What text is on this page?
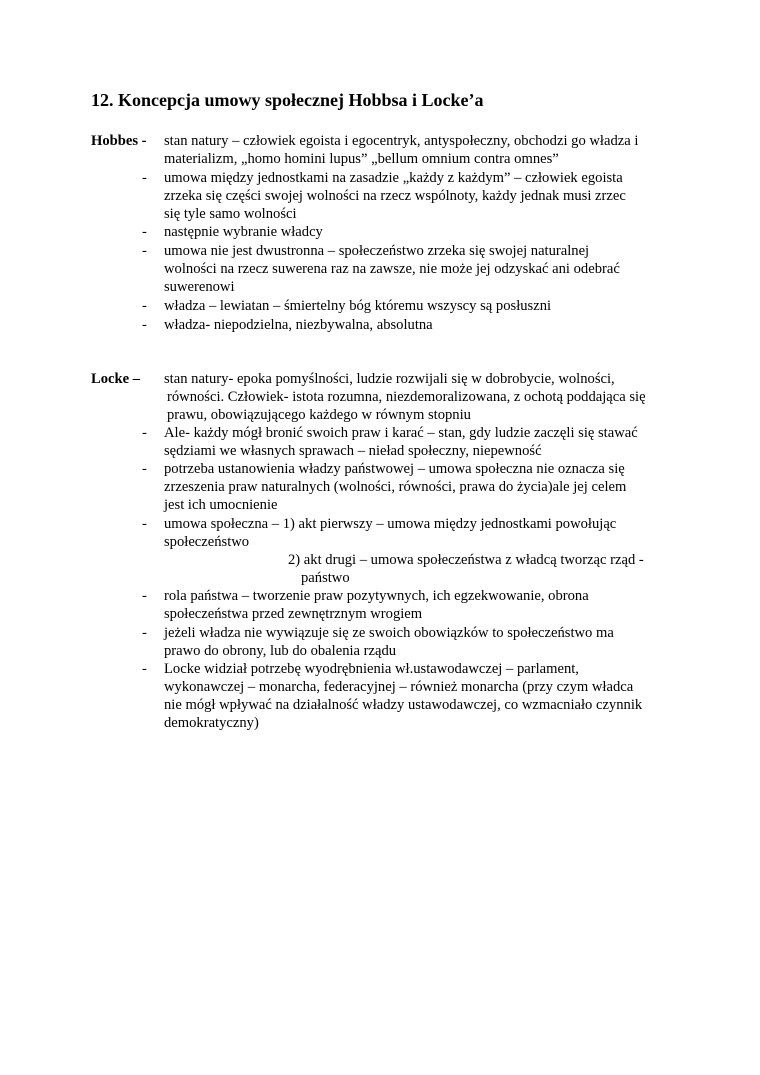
12. Koncepcja umowy społecznej Hobbsa i Locke’a
Hobbes - stan natury – człowiek egoista i egocentryk, antyspołeczny, obchodzi go władza i
materializm, „homo homini lupus” „bellum omnium contra omnes”
- umowa między jednostkami na zasadzie „każdy z każdym” – człowiek egoista
zrzeka się części swojej wolności na rzecz wspólnoty, każdy jednak musi zrzec
się tyle samo wolności
- następnie wybranie władcy
- umowa nie jest dwustronna – społeczeństwo zrzeka się swojej naturalnej
wolności na rzecz suwerena raz na zawsze, nie może jej odzyskać ani odebrać
suwerenowi
- władza – lewiatan – śmiertelny bóg któremu wszyscy są posłuszni
- władza- niepodzielna, niezbywalna, absolutna
Locke – stan natury- epoka pomyślności, ludzie rozwijali się w dobrobycie, wolności,
równości. Człowiek- istota rozumna, niezdemoralizowana, z ochotą poddająca się
prawu, obowiązującego każdego w równym stopniu
- Ale- każdy mógł bronić swoich praw i karać – stan, gdy ludzie zaczęli się stawać
sędziami we własnych sprawach – nieład społeczny, niepewność
- potrzeba ustanowienia władzy państwowej – umowa społeczna nie oznacza się
zrzeszenia praw naturalnych (wolności, równości, prawa do życia)ale jej celem
jest ich umocnienie
- umowa społeczna – 1) akt pierwszy – umowa między jednostkami powołując
społeczeństwo
2) akt drugi – umowa społeczeństwa z władcą tworząc rząd -
państwo
- rola państwa – tworzenie praw pozytywnych, ich egzekwowanie, obrona
społeczeństwa przed zewnętrznym wrogiem
- jeżeli władza nie wywiązuje się ze swoich obowiązków to społeczeństwo ma
prawo do obrony, lub do obalenia rządu
- Locke widział potrzebę wyodrębnienia wł.ustawodawczej – parlament,
wykonawczej – monarcha, federacyjnej – również monarcha (przy czym władca
nie mógł wpływać na działalność władzy ustawodawczej, co wzmacniało czynnik
demokratyczny)
